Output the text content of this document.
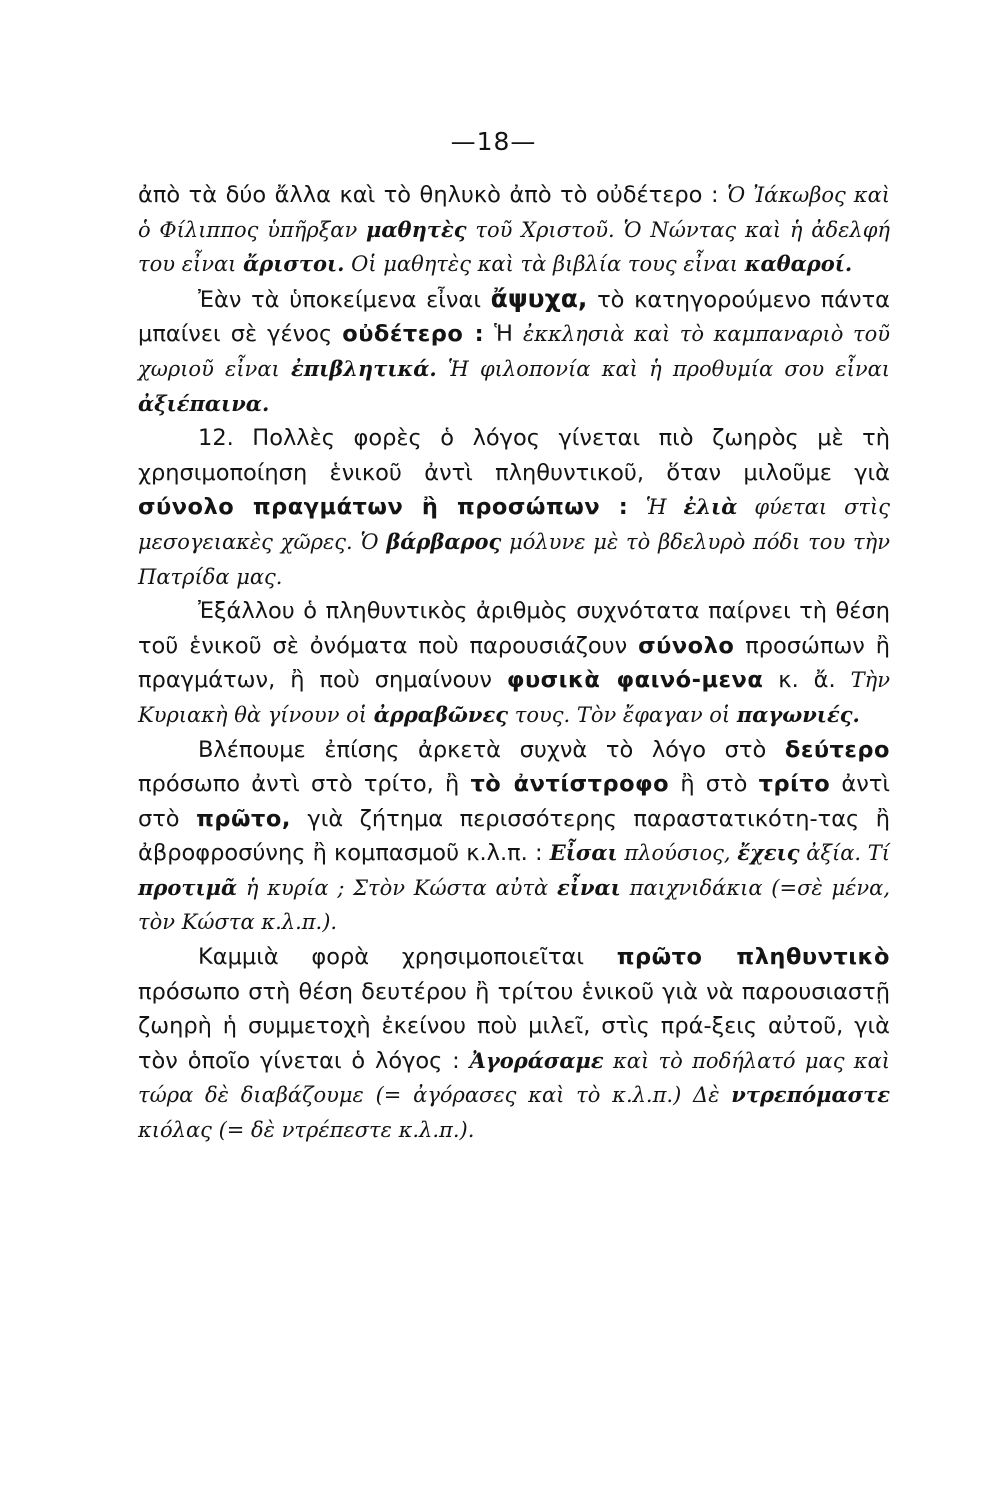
—18—

ἀπὸ τὰ δύο ἄλλα καὶ τὸ θηλυκὸ ἀπὸ τὸ οὐδέτερο : Ὁ Ἰάκωβος καὶ ὁ Φίλιππος ὑπῆρξαν μαθητὲς τοῦ Χριστοῦ. Ὁ Νώντας καὶ ἡ ἀδελφή του εἶναι ἄριστοι. Οἱ μαθητὲς καὶ τὰ βιβλία τους εἶναι καθαροί.

Ἐὰν τὰ ὑποκείμενα εἶναι ἄψυχα, τὸ κατηγορούμενο πάντα μπαίνει σὲ γένος οὐδέτερο : Ἡ ἐκκλησιὰ καὶ τὸ καμπαναριὸ τοῦ χωριοῦ εἶναι ἐπιβλητικά. Ἡ φιλοπονία καὶ ἡ προθυμία σου εἶναι ἀξιέπαινα.

12. Πολλὲς φορὲς ὁ λόγος γίνεται πιὸ ζωηρὸς μὲ τὴ χρησιμοποίηση ἑνικοῦ ἀντὶ πληθυντικοῦ, ὅταν μιλοῦμε γιὰ σύνολο πραγμάτων ἢ προσώπων : Ἡ ἐλιὰ φύεται στὶς μεσογειακὲς χῶρες. Ὁ βάρβαρος μόλυνε μὲ τὸ βδελυρὸ πόδι του τὴν Πατρίδα μας.

Ἐξάλλου ὁ πληθυντικὸς ἀριθμὸς συχνότατα παίρνει τὴ θέση τοῦ ἑνικοῦ σὲ ὀνόματα ποὺ παρουσιάζουν σύνολο προσώπων ἢ πραγμάτων, ἢ ποὺ σημαίνουν φυσικὰ φαινό-μενα κ. ἄ. Τὴν Κυριακὴ θὰ γίνουν οἱ ἀρραβῶνες τους. Τὸν ἔφαγαν οἱ παγωνιές.

Βλέπουμε ἐπίσης ἀρκετὰ συχνὰ τὸ λόγο στὸ δεύτερο πρόσωπο ἀντὶ στὸ τρίτο, ἢ τὸ ἀντίστροφο ἢ στὸ τρίτο ἀντὶ στὸ πρῶτο, γιὰ ζήτημα περισσότερης παραστατικότη-τας ἢ ἀβροφροσύνης ἢ κομπασμοῦ κ.λ.π. : Εἶσαι πλούσιος, ἔχεις ἀξία. Τί προτιμᾶ ἡ κυρία ; Στὸν Κώστα αὐτὰ εἶναι παιχνιδάκια (=σὲ μένα, τὸν Κώστα κ.λ.π.).

Καμμιὰ φορὰ χρησιμοποιεῖται πρῶτο πληθυντικὸ πρόσωπο στὴ θέση δευτέρου ἢ τρίτου ἑνικοῦ γιὰ νὰ παρουσιαστῇ ζωηρὴ ἡ συμμετοχὴ ἐκείνου ποὺ μιλεῖ, στὶς πρά-ξεις αὐτοῦ, γιὰ τὸν ὁποῖο γίνεται ὁ λόγος : Ἀγοράσαμε καὶ τὸ ποδήλατό μας καὶ τώρα δὲ διαβάζουμε (= ἀγόρασες καὶ τὸ κ.λ.π.) Δὲ ντρεπόμαστε κιόλας (= δὲ ντρέπεστε κ.λ.π.).
